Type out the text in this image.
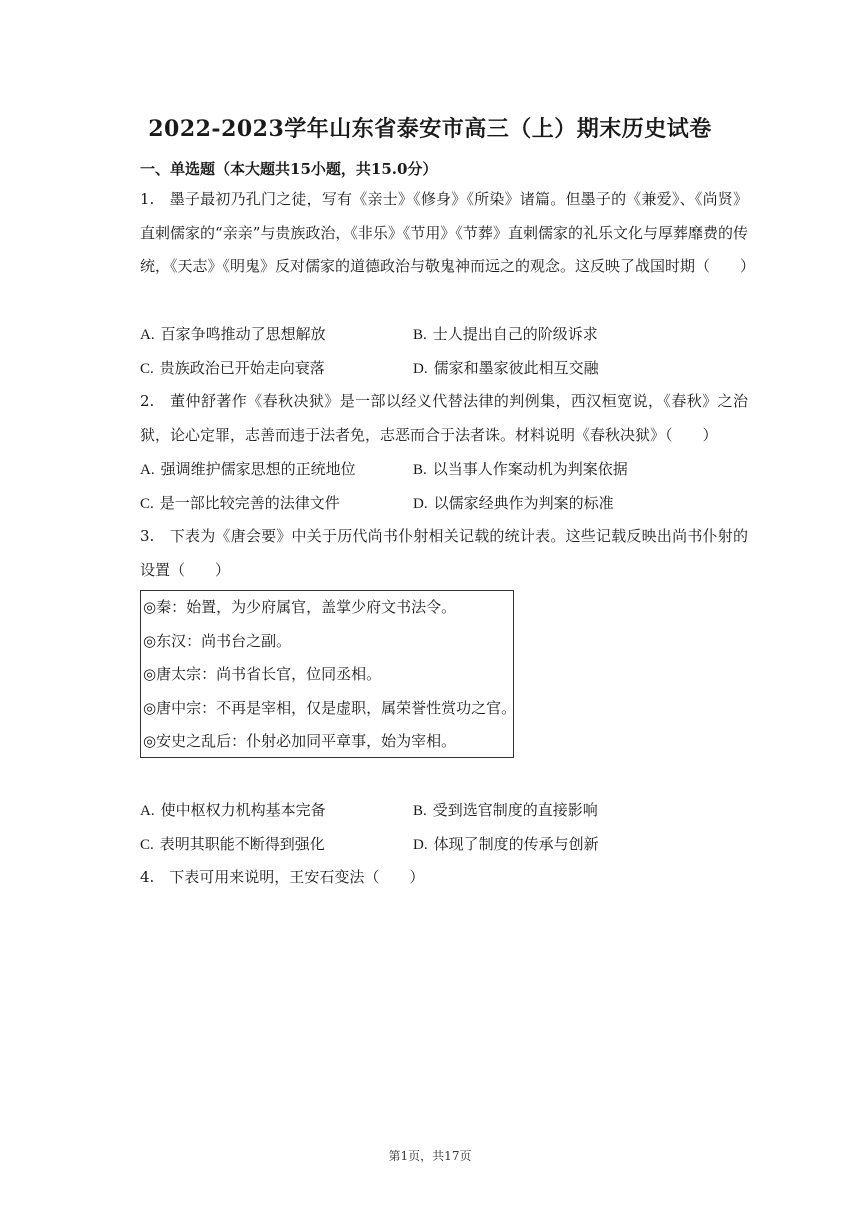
2022-2023学年山东省泰安市高三（上）期末历史试卷
一、单选题（本大题共15小题，共15.0分）
1.　墨子最初乃孔门之徒，写有《亲士》《修身》《所染》诸篇。但墨子的《兼爱》、《尚贤》直刺儒家的“亲亲”与贵族政治，《非乐》《节用》《节葬》直刺儒家的礼乐文化与厚葬靡费的传统，《天志》《明鬼》反对儒家的道德政治与敬鬼神而远之的观念。这反映了战国时期（　　）
A. 百家争鸣推动了思想解放	B. 士人提出自己的阶级诉求
C. 贵族政治已开始走向衰落	D. 儒家和墨家彼此相互交融
2.　董仲舒著作《春秋决狱》是一部以经义代替法律的判例集，西汉桓宽说，《春秋》之治狱，论心定罪，志善而违于法者免，志恶而合于法者诛。材料说明《春秋决狱》（　　）
A. 强调维护儒家思想的正统地位	B. 以当事人作案动机为判案依据
C. 是一部比较完善的法律文件	D. 以儒家经典作为判案的标准
3.　下表为《唐会要》中关于历代尚书仆射相关记载的统计表。这些记载反映出尚书仆射的设置（　　）
◎秦：始置，为少府属官，盖掌少府文书法令。
◎东汉：尚书台之副。
◎唐太宗：尚书省长官，位同丞相。
◎唐中宗：不再是宰相，仅是虚职，属荣誉性赏功之官。
◎安史之乱后：仆射必加同平章事，始为宰相。
A. 使中枢权力机构基本完备	B. 受到选官制度的直接影响
C. 表明其职能不断得到强化	D. 体现了制度的传承与创新
4.　下表可用来说明，王安石变法（　　）
第1页，共17页
